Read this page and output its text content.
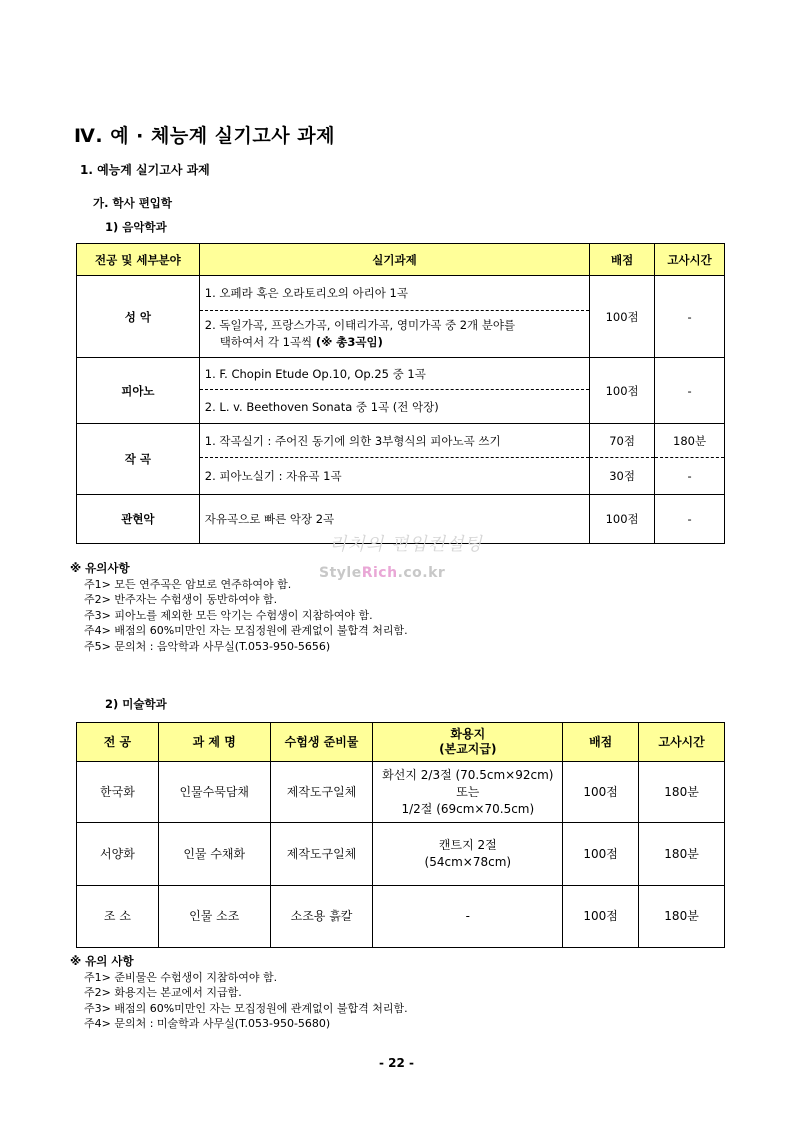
Ⅳ. 예 · 체능계 실기고사 과제
1. 예능계 실기고사 과제
가. 학사 편입학
1) 음악학과
전공 및 세부분야	실기과제	배점	고사시간
성 악	1. 오페라 혹은 오라토리오의 아리아 1곡	100점	-

	2. 독일가곡, 프랑스가곡, 이태리가곡, 영미가곡 중 2개 분야를
택하여서 각 1곡씩 (※ 총3곡임)		

피아노	1. F. Chopin Etude Op.10, Op.25 중 1곡	100점	-
	2. L. v. Beethoven Sonata 중 1곡 (전 악장)		
작 곡	1. 작곡실기 : 주어진 동기에 의한 3부형식의 피아노곡 쓰기	70점	180분
	2. 피아노실기 : 자유곡 1곡	30점	-
관현악	자유곡으로 빠른 악장 2곡	100점	-
리치의 편입컨설팅
StyleRich.co.kr
※ 유의사항
주1> 모든 연주곡은 암보로 연주하여야 함.
주2> 반주자는 수험생이 동반하여야 함.
주3> 피아노를 제외한 모든 악기는 수험생이 지참하여야 함.
주4> 배점의 60%미만인 자는 모집정원에 관계없이 불합격 처리함.
주5> 문의처 : 음악학과 사무실(T.053-950-5656)
2) 미술학과
전 공	과 제 명	수험생 준비물	화용지
(본교지급)	배점	고사시간
한국화	인물수묵담채	제작도구일체	화선지 2/3절 (70.5cm×92cm)
또는
1/2절 (69cm×70.5cm)	100점	180분
서양화	인물 수채화	제작도구일체	캔트지 2절
(54cm×78cm)	100점	180분
조 소	인물 소조	소조용 흙칼	-	100점	180분
※ 유의 사항
주1> 준비물은 수험생이 지참하여야 함.
주2> 화용지는 본교에서 지급함.
주3> 배점의 60%미만인 자는 모집정원에 관계없이 불합격 처리함.
주4> 문의처 : 미술학과 사무실(T.053-950-5680)
- 22 -
